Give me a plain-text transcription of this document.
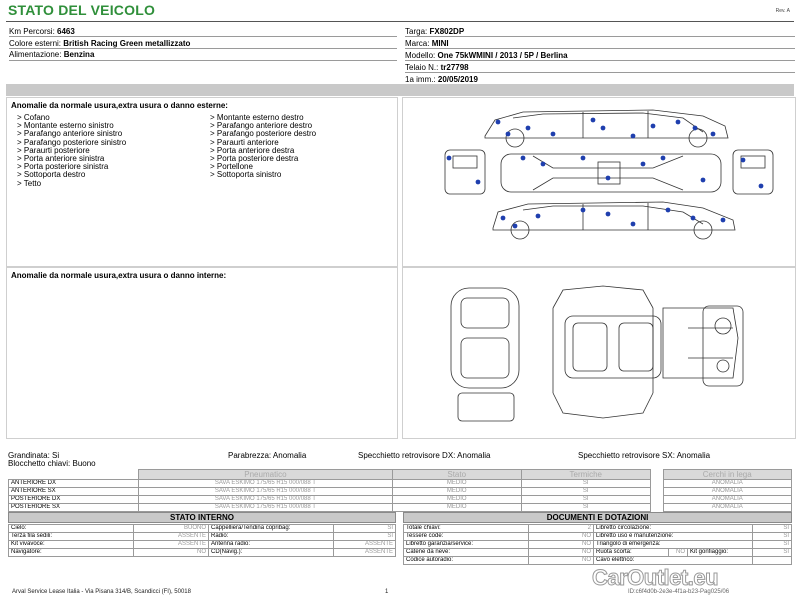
STATO DEL VEICOLO	Rev. A
Km Percorsi: 6463
Colore esterni: British Racing Green metallizzato
Alimentazione: Benzina
Targa: FX802DP
Marca: MINI
Modello: One 75kWMINI / 2013 / 5P / Berlina
Telaio N.: tr27798
1a imm.: 20/05/2019
Anomalie da normale usura,extra usura o danno esterne:
> Cofano
> Montante esterno sinistro
> Parafango anteriore sinistro
> Parafango posteriore sinistro
> Paraurti posteriore
> Porta anteriore sinistra
> Porta posteriore sinistra
> Sottoporta destro
> Tetto
> Montante esterno destro
> Parafango anteriore destro
> Parafango posteriore destro
> Paraurti anteriore
> Porta anteriore destra
> Porta posteriore destra
> Portellone
> Sottoporta sinistro
Anomalie da normale usura,extra usura o danno interne:
Grandinata: Si	Parabrezza: Anomalia	Specchietto retrovisore DX: Anomalia	Specchietto retrovisore SX: Anomalia
Blocchetto chiavi: Buono
	Pneumatico	Stato	Termiche		Cerchi in lega
ANTERIORE DX	SAVA ESKIMO 175/65 R15 000/088 T	MEDIO	SI		ANOMALIA
ANTERIORE SX	SAVA ESKIMO 175/65 R15 000/088 T	MEDIO	SI		ANOMALIA
POSTERIORE DX	SAVA ESKIMO 175/65 R15 000/088 T	MEDIO	SI		ANOMALIA
POSTERIORE SX	SAVA ESKIMO 175/65 R15 000/088 T	MEDIO	SI		ANOMALIA
STATO INTERNO
Cielo:	BUONO	Cappelliera/Tendina copribag:	SI
Terza fila sedili:	ASSENTE	Radio:	SI
Kit vivavoce:	ASSENTE	Antenna radio:	ASSENTE
Navigatore:	NO	CD(Navig.):	ASSENTE
DOCUMENTI E DOTAZIONI
Totale chiavi:	2	Libretto circolazione:			SI
Tessere code:	NO	Libretto uso e manutenzione:			SI
Libretto garanzia/service:	NO	Triangolo di emergenza:			SI
Catene da neve:	NO	Ruota scorta:	NO	Kit gonfiaggio:	SI
Codice autoradio:	NO	Cavo elettrico:			
Arval Service Lease Italia - Via Pisana 314/B, Scandicci (FI), 50018	1	ID:c6f4d0b-2e3e-4f1a-b23-Pag025/06
CarOutlet.eu
